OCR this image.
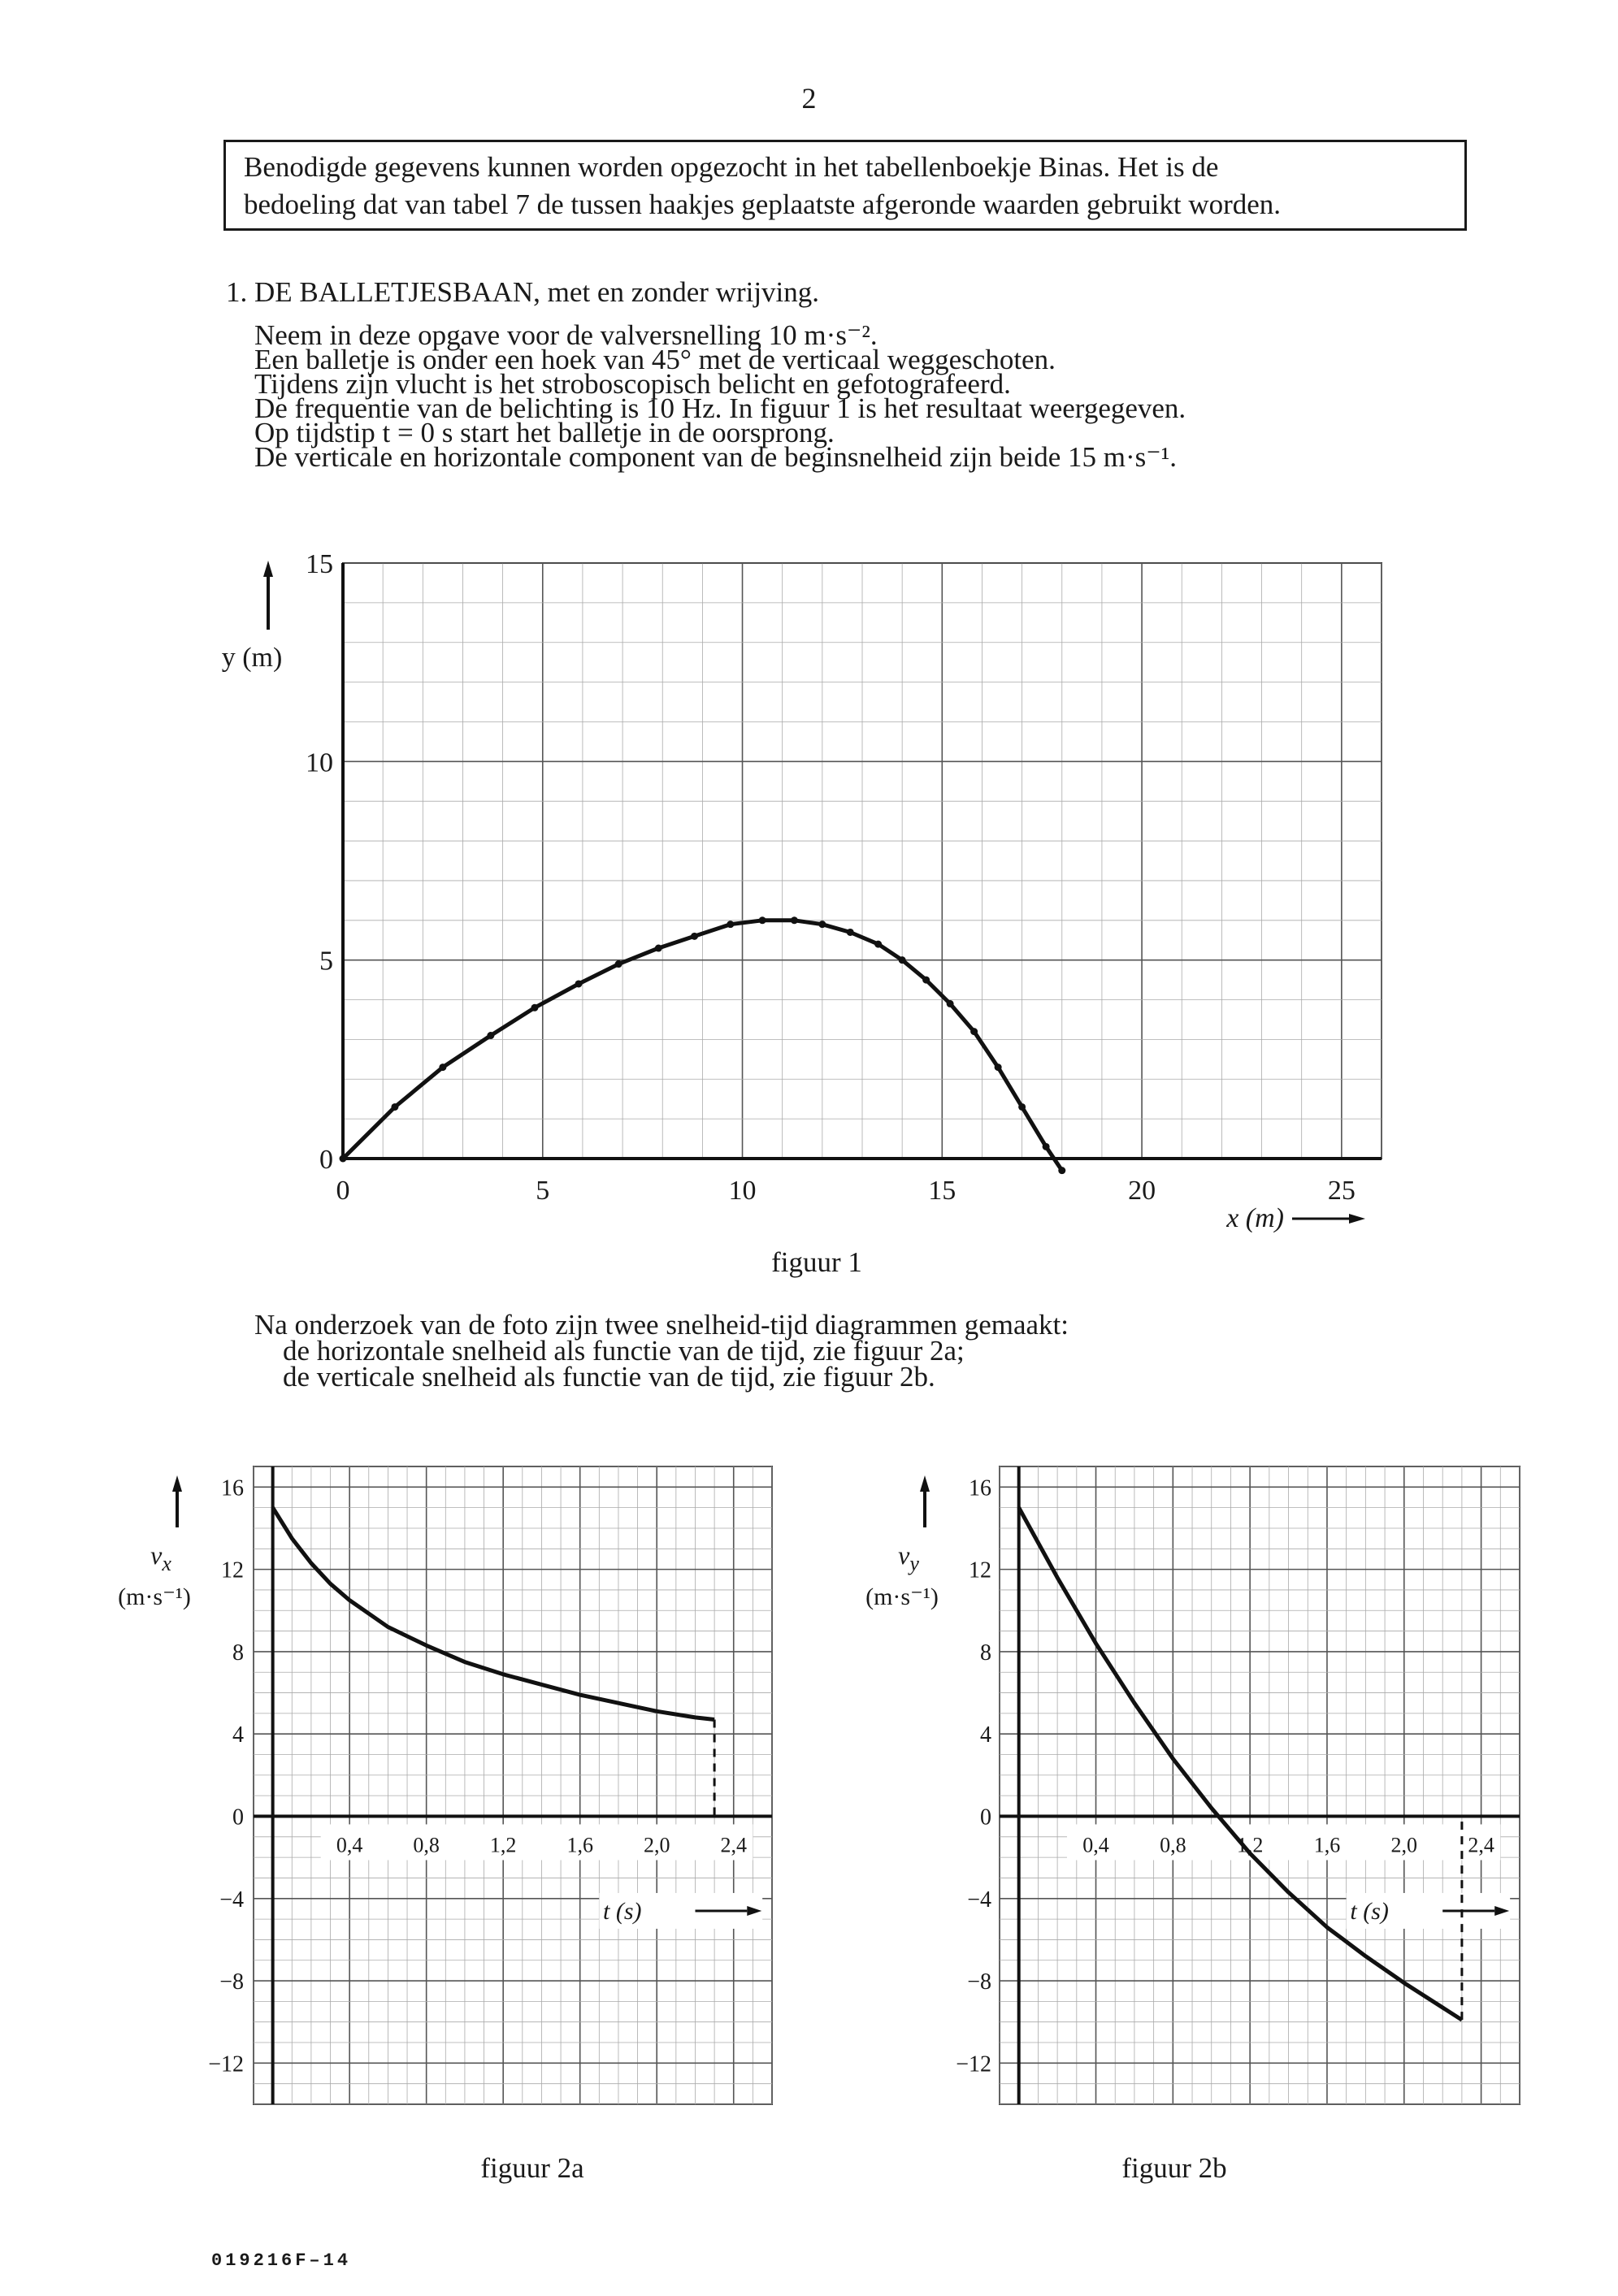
2
Benodigde gegevens kunnen worden opgezocht in het tabellenboekje Binas. Het is de
bedoeling dat van tabel 7 de tussen haakjes geplaatste afgeronde waarden gebruikt worden.
1. DE BALLETJESBAAN, met en zonder wrijving.
Neem in deze opgave voor de valversnelling 10 m·s⁻².
Een balletje is onder een hoek van 45° met de verticaal weggeschoten.
Tijdens zijn vlucht is het stroboscopisch belicht en gefotografeerd.
De frequentie van de belichting is 10 Hz. In figuur 1 is het resultaat weergegeven.
Op tijdstip t = 0 s start het balletje in de oorsprong.
De verticale en horizontale component van de beginsnelheid zijn beide 15 m·s⁻¹.
0	5	10	15	20	25
0
5
10
15
x (m)
y (m)
figuur 1
0,4 0,8 1,2 1,6 2,0 2,4
16
12
8
4
0
−4
−8
−12
t (s)
$v_x$
(m·s⁻¹)
figuur 2a
0,4 0,8 1,2 1,6 2,0 2,4
16
12
8
4
0
−4
−8
−12
t (s)
$v_y$
(m·s⁻¹)
figuur 2b
Na onderzoek van de foto zijn twee snelheid-tijd diagrammen gemaakt:
de horizontale snelheid als functie van de tijd, zie figuur 2a;
de verticale snelheid als functie van de tijd, zie figuur 2b.
019216F–14
